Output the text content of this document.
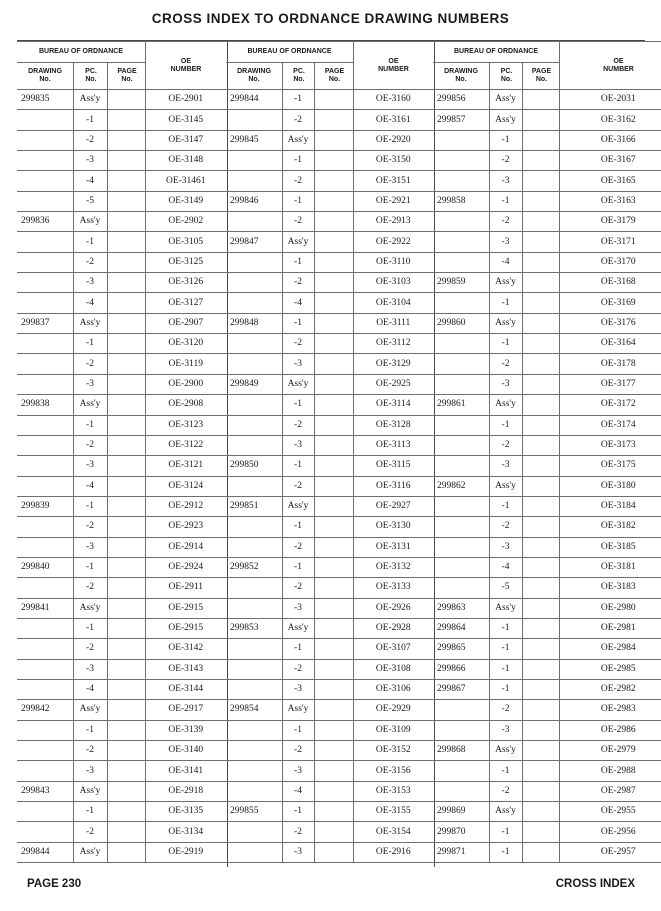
CROSS INDEX TO ORDNANCE DRAWING NUMBERS
BUREAU OF ORDNANCE
DRAWING
No.
PC.
No.
PAGE
No.
OE
NUMBER
299835	Ass'y		OE-2901
	-1		OE-3145
	-2		OE-3147
	-3		OE-3148
	-4		OE-31461
	-5		OE-3149
299836	Ass'y		OE-2902
	-1		OE-3105
	-2		OE-3125
	-3		OE-3126
	-4		OE-3127
299837	Ass'y		OE-2907
	-1		OE-3120
	-2		OE-3119
	-3		OE-2900
299838	Ass'y		OE-2908
	-1		OE-3123
	-2		OE-3122
	-3		OE-3121
	-4		OE-3124
299839	-1		OE-2912
	-2		OE-2923
	-3		OE-2914
299840	-1		OE-2924
	-2		OE-2911
299841	Ass'y		OE-2915
	-1		OE-2915
	-2		OE-3142
	-3		OE-3143
	-4		OE-3144
299842	Ass'y		OE-2917
	-1		OE-3139
	-2		OE-3140
	-3		OE-3141
299843	Ass'y		OE-2918
	-1		OE-3135
	-2		OE-3134
299844	Ass'y		OE-2919
BUREAU OF ORDNANCE
DRAWING
No.
PC.
No.
PAGE
No.
OE
NUMBER
299844	-1		OE-3160
	-2		OE-3161
299845	Ass'y		OE-2920
	-1		OE-3150
	-2		OE-3151
299846	-1		OE-2921
	-2		OE-2913
299847	Ass'y		OE-2922
	-1		OE-3110
	-2		OE-3103
	-4		OE-3104
299848	-1		OE-3111
	-2		OE-3112
	-3		OE-3129
299849	Ass'y		OE-2925
	-1		OE-3114
	-2		OE-3128
	-3		OE-3113
299850	-1		OE-3115
	-2		OE-3116
299851	Ass'y		OE-2927
	-1		OE-3130
	-2		OE-3131
299852	-1		OE-3132
	-2		OE-3133
	-3		OE-2926
299853	Ass'y		OE-2928
	-1		OE-3107
	-2		OE-3108
	-3		OE-3106
299854	Ass'y		OE-2929
	-1		OE-3109
	-2		OE-3152
	-3		OE-3156
	-4		OE-3153
299855	-1		OE-3155
	-2		OE-3154
	-3		OE-2916
BUREAU OF ORDNANCE
DRAWING
No.
PC.
No.
PAGE
No.
OE
NUMBER
299856	Ass'y		OE-2031
299857	Ass'y		OE-3162
	-1		OE-3166
	-2		OE-3167
	-3		OE-3165
299858	-1		OE-3163
	-2		OE-3179
	-3		OE-3171
	-4		OE-3170
299859	Ass'y		OE-3168
	-1		OE-3169
299860	Ass'y		OE-3176
	-1		OE-3164
	-2		OE-3178
	-3		OE-3177
299861	Ass'y		OE-3172
	-1		OE-3174
	-2		OE-3173
	-3		OE-3175
299862	Ass'y		OE-3180
	-1		OE-3184
	-2		OE-3182
	-3		OE-3185
	-4		OE-3181
	-5		OE-3183
299863	Ass'y		OE-2980
299864	-1		OE-2981
299865	-1		OE-2984
299866	-1		OE-2985
299867	-1		OE-2982
	-2		OE-2983
	-3		OE-2986
299868	Ass'y		OE-2979
	-1		OE-2988
	-2		OE-2987
299869	Ass'y		OE-2955
299870	-1		OE-2956
299871	-1		OE-2957
PAGE 230	CROSS INDEX
